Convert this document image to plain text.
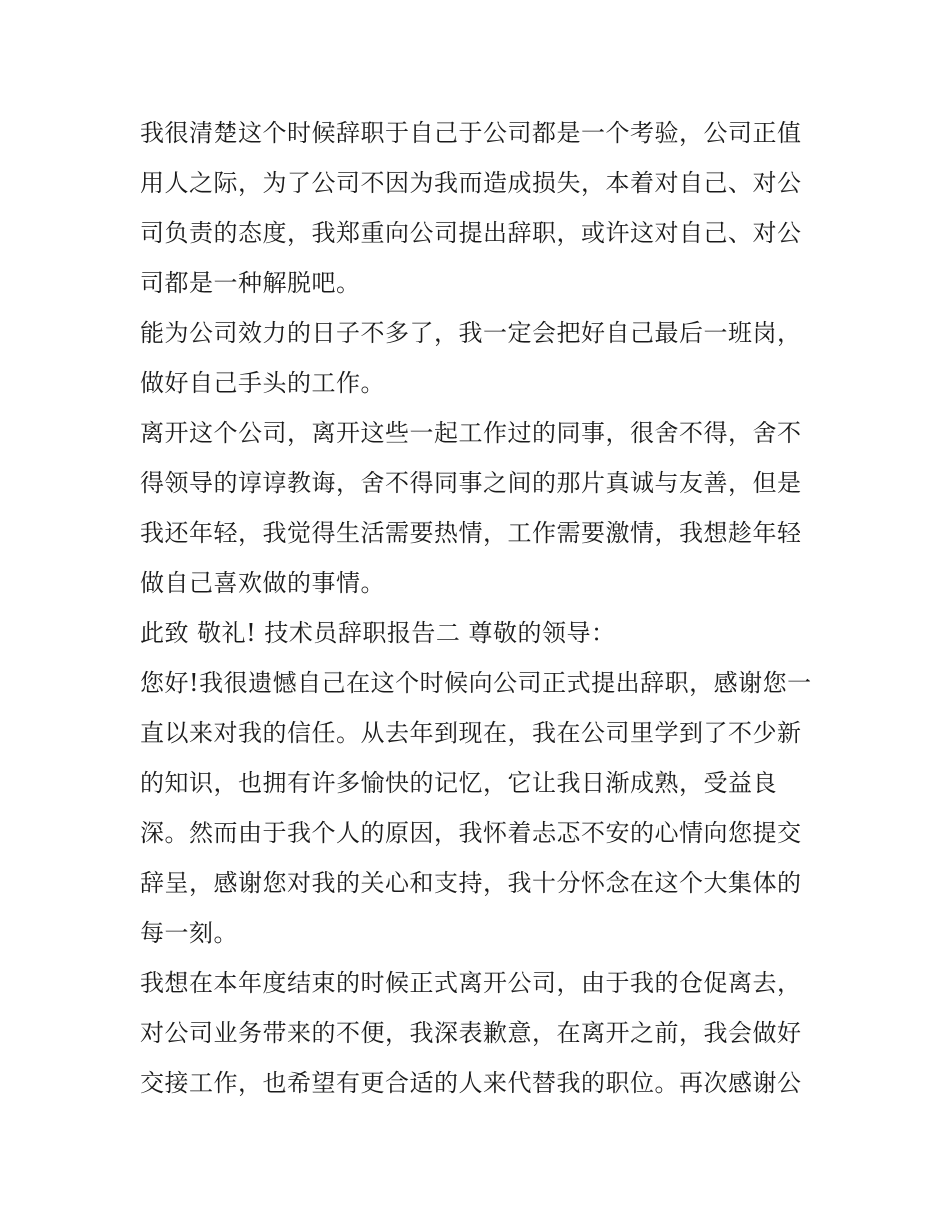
我很清楚这个时候辞职于自己于公司都是一个考验，公司正值用人之际，为了公司不因为我而造成损失，本着对自己、对公司负责的态度，我郑重向公司提出辞职，或许这对自己、对公司都是一种解脱吧。

能为公司效力的日子不多了，我一定会把好自己最后一班岗，做好自己手头的工作。

离开这个公司，离开这些一起工作过的同事，很舍不得，舍不得领导的谆谆教诲，舍不得同事之间的那片真诚与友善，但是我还年轻，我觉得生活需要热情，工作需要激情，我想趁年轻做自己喜欢做的事情。

此致 敬礼! 技术员辞职报告二 尊敬的领导：

您好!我很遗憾自己在这个时候向公司正式提出辞职，感谢您一直以来对我的信任。从去年到现在，我在公司里学到了不少新的知识，也拥有许多愉快的记忆，它让我日渐成熟，受益良深。然而由于我个人的原因，我怀着忐忑不安的心情向您提交辞呈，感谢您对我的关心和支持，我十分怀念在这个大集体的每一刻。

我想在本年度结束的时候正式离开公司，由于我的仓促离去，对公司业务带来的不便，我深表歉意，在离开之前，我会做好交接工作，也希望有更合适的人来代替我的职位。再次感谢公
